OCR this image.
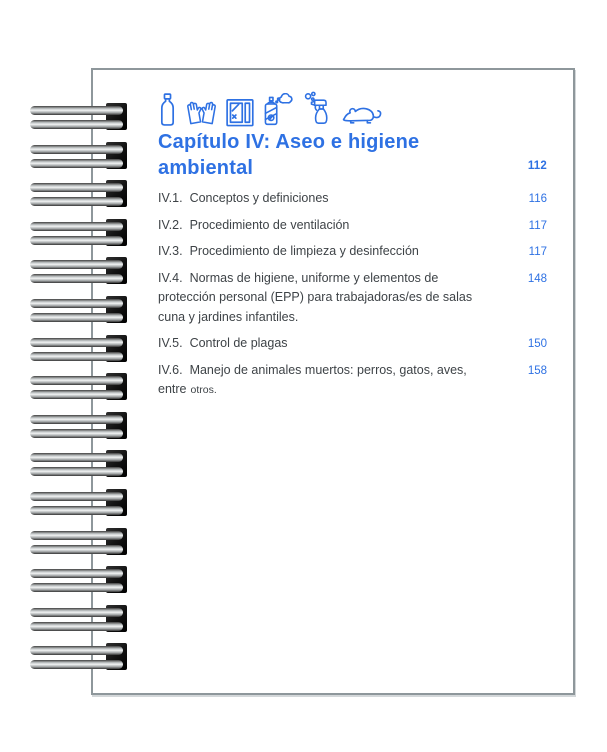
Capítulo IV: Aseo e higiene
ambiental	112
IV.1. Conceptos y definiciones	116
IV.2. Procedimiento de ventilación	117
IV.3. Procedimiento de limpieza y desinfección	117
IV.4. Normas de higiene, uniforme y elementos de
protección personal (EPP) para trabajadoras/es de salas
cuna y jardines infantiles.
148
IV.5. Control de plagas	150
IV.6. Manejo de animales muertos: perros, gatos, aves,
entre otros.
158
